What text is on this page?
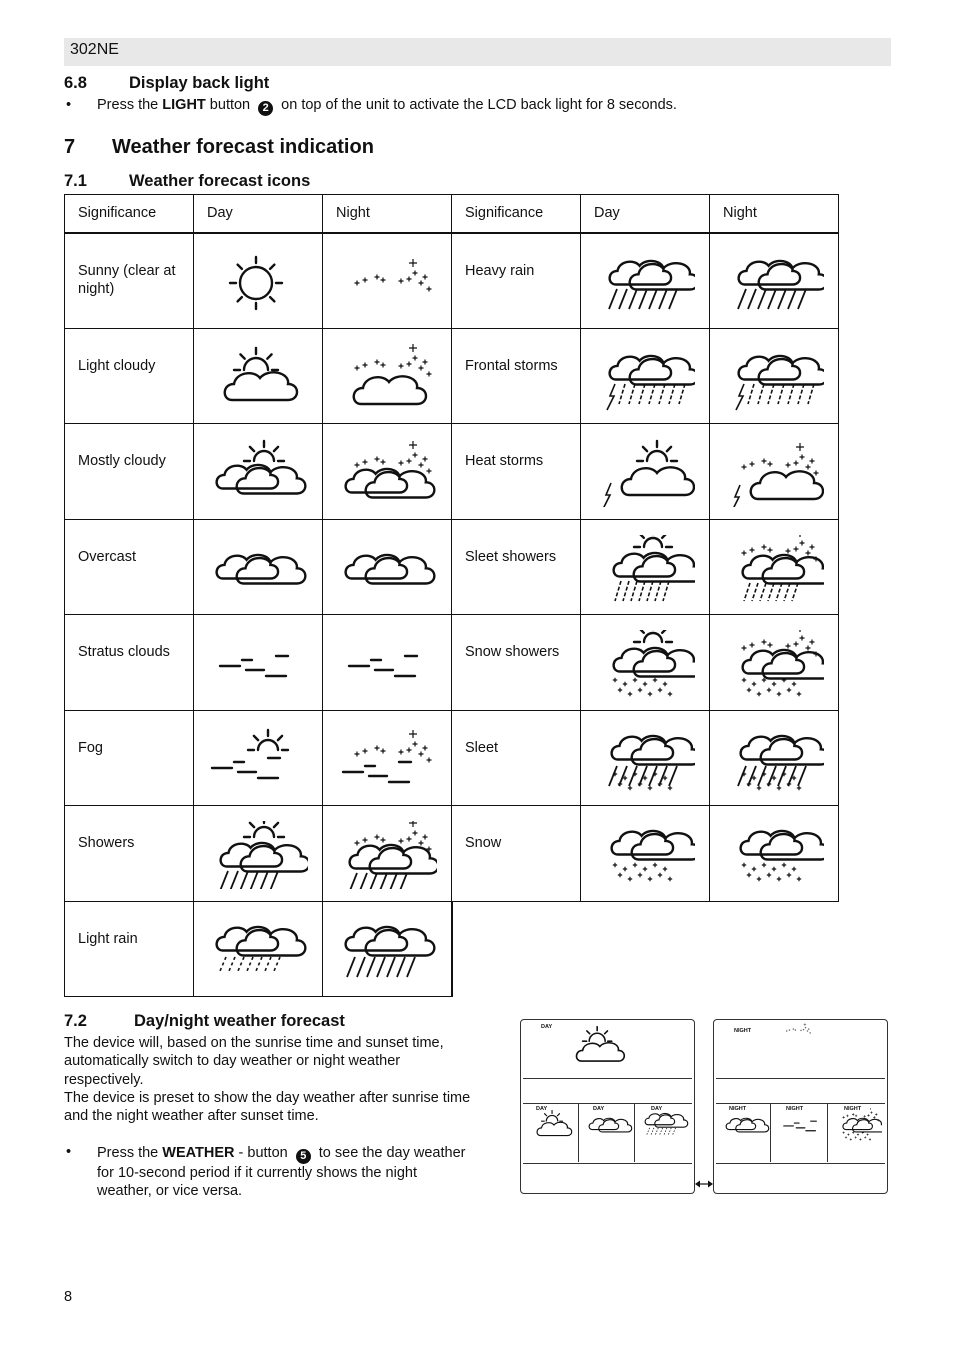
302NE
6.8	Display back light
• Press the LIGHT button 2 on top of the unit to activate the LCD back light for 8 seconds.
7 Weather forecast indication
7.1	Weather forecast icons
Significance	Day	Night	Significance	Day	Night
Sunny (clear at night)			Heavy rain	

Light cloudy			Frontal storms	

Mostly cloudy			Heat storms	

Overcast			Sleet showers	

Stratus clouds			Snow showers	

Fog			Sleet	

Showers			Snow	

Light rain	

7.2	Day/night weather forecast
The device will, based on the sunrise time and sunset time,
automatically switch to day weather or night weather
respectively.
The device is preset to show the day weather after sunrise time
and the night weather after sunset time.
• Press the WEATHER - button 5 to see the day weather
for 10-second period if it currently shows the night
weather, or vice versa.
DAY
DAY	DAY	DAY
NIGHT
NIGHT	NIGHT	NIGHT
8
